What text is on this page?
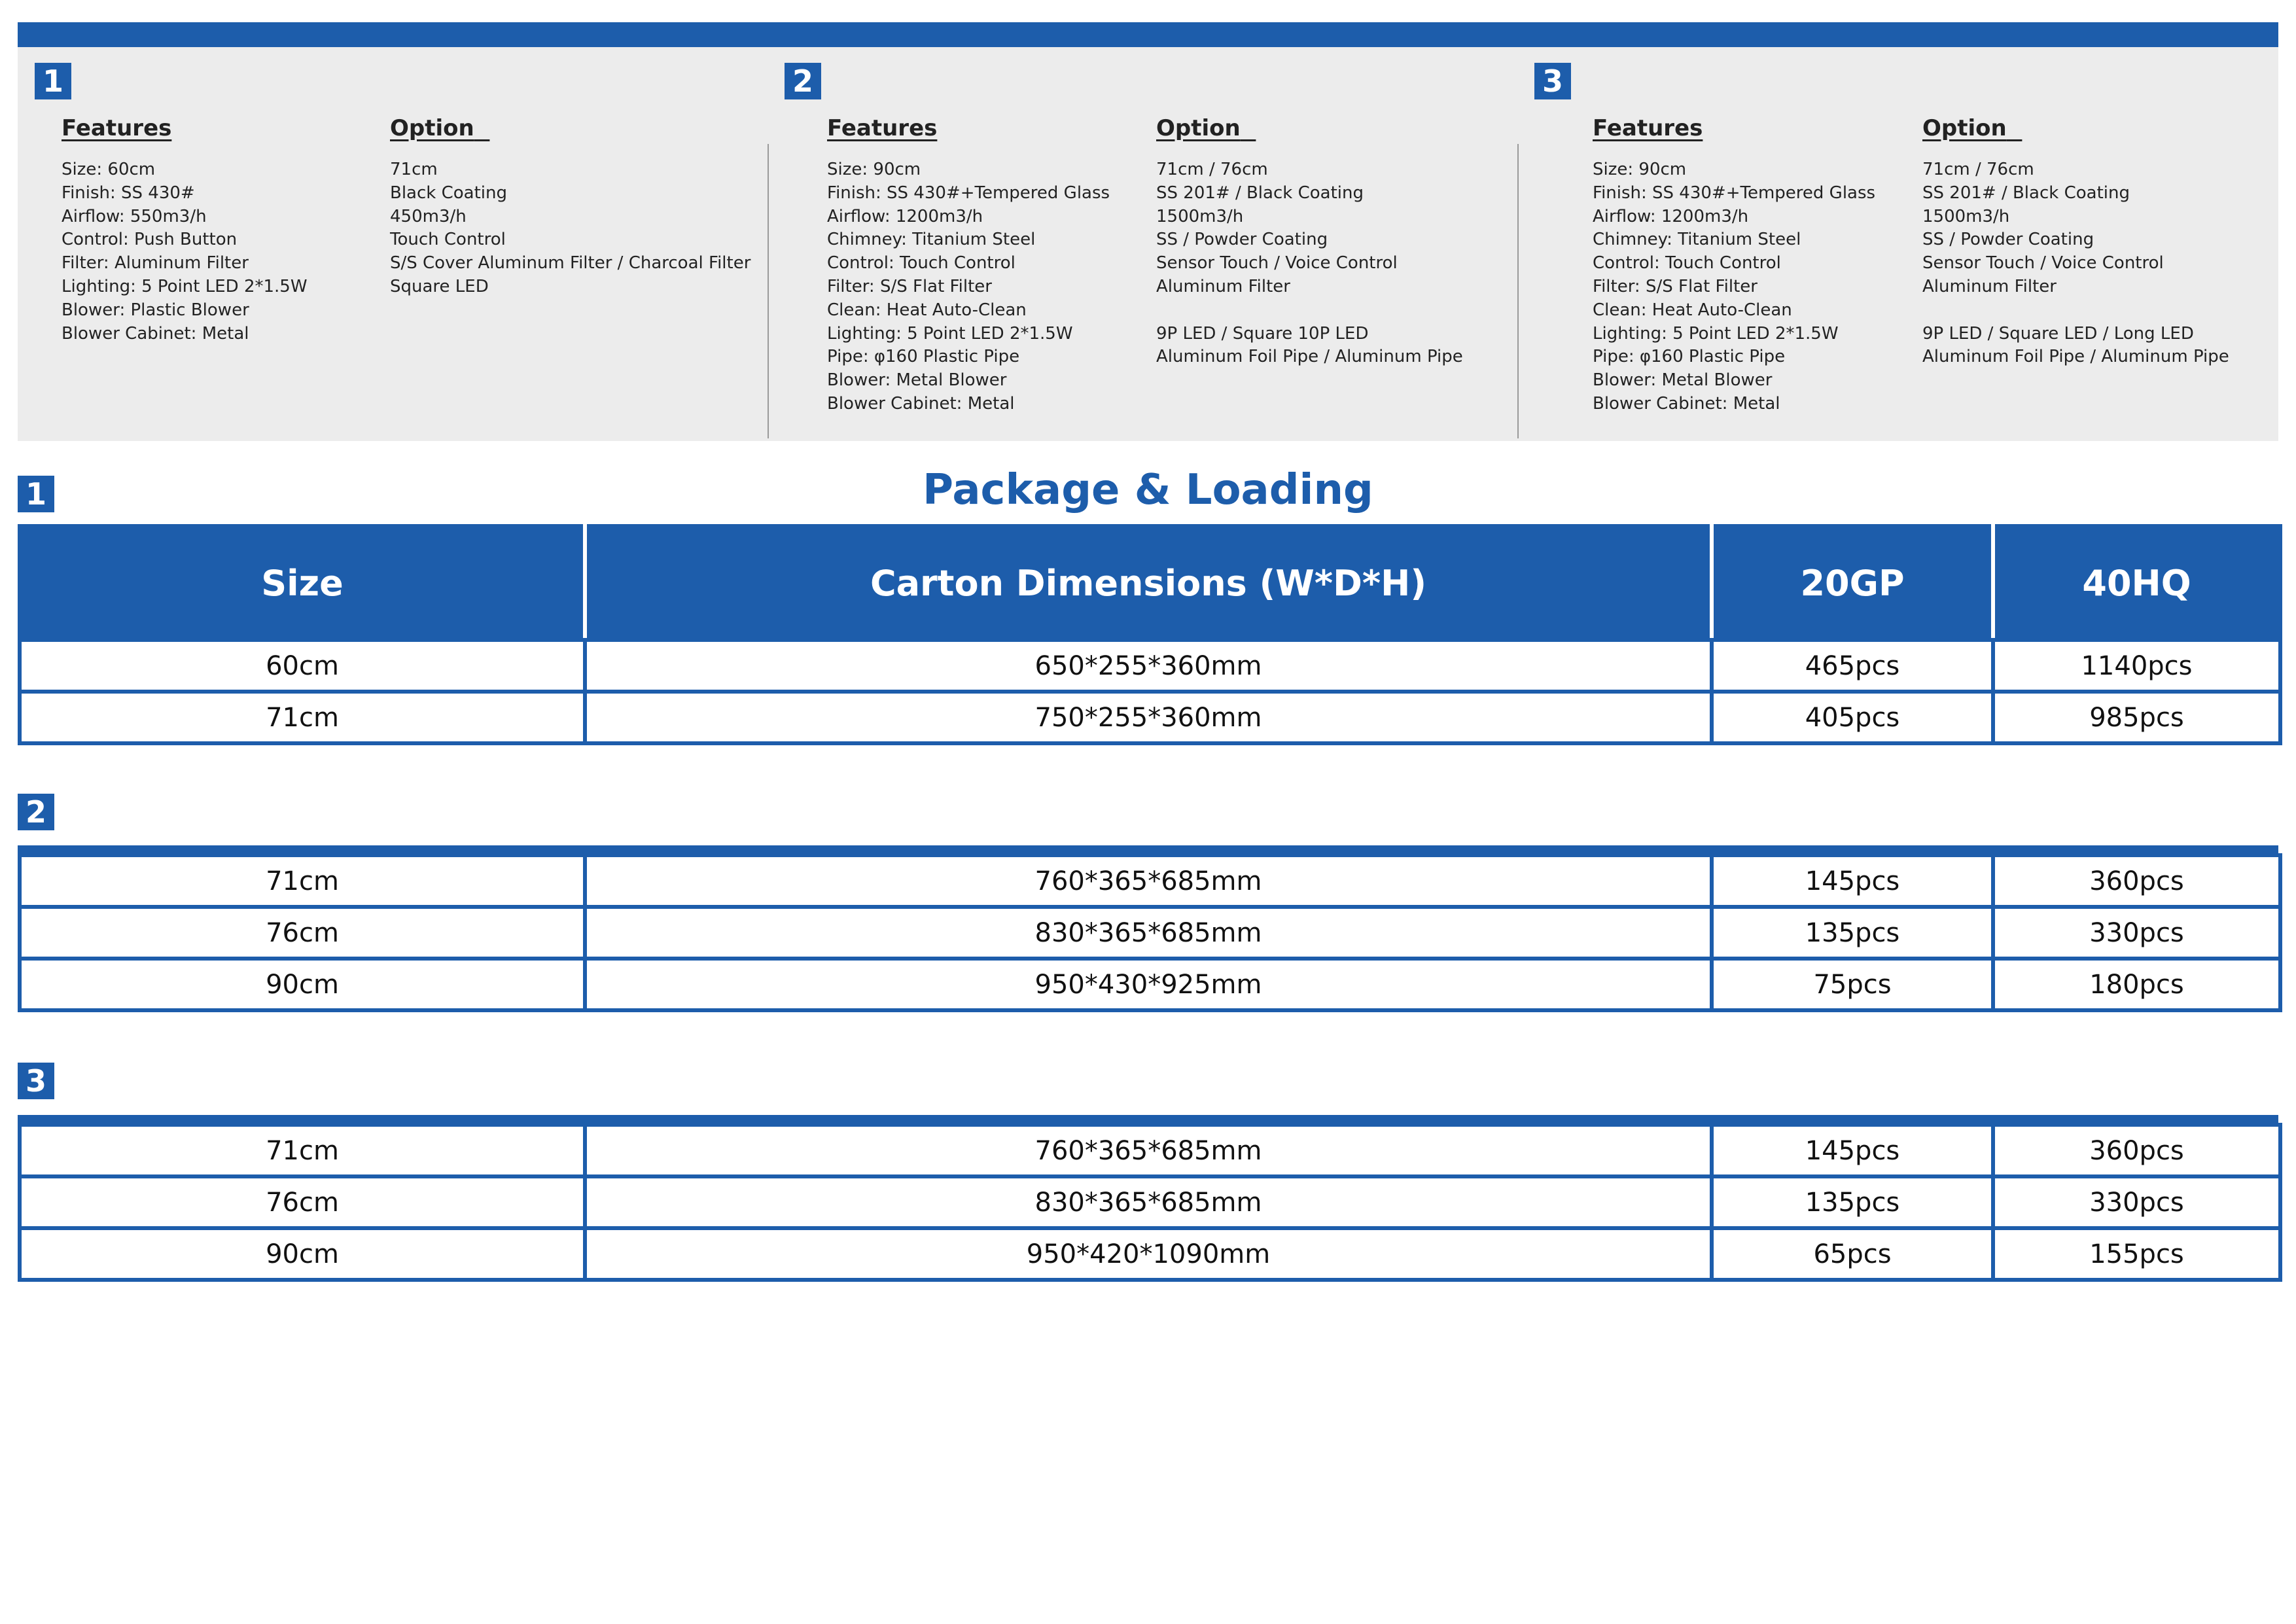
1
Features
Size: 60cm
Finish: SS 430#
Airflow: 550m3/h
Control: Push Button
Filter: Aluminum Filter
Lighting: 5 Point LED 2*1.5W
Blower: Plastic Blower
Blower Cabinet: Metal
Option
71cm
Black Coating
450m3/h
Touch Control
S/S Cover Aluminum Filter / Charcoal Filter
Square LED
2
Features
Size: 90cm
Finish: SS 430#+Tempered Glass
Airflow: 1200m3/h
Chimney: Titanium Steel
Control: Touch Control
Filter: S/S Flat Filter
Clean: Heat Auto-Clean
Lighting: 5 Point LED 2*1.5W
Pipe: φ160 Plastic Pipe
Blower: Metal Blower
Blower Cabinet: Metal
Option
71cm / 76cm
SS 201# / Black Coating
1500m3/h
SS / Powder Coating
Sensor Touch / Voice Control
Aluminum Filter
9P LED / Square 10P LED
Aluminum Foil Pipe / Aluminum Pipe
3
Features
Size: 90cm
Finish: SS 430#+Tempered Glass
Airflow: 1200m3/h
Chimney: Titanium Steel
Control: Touch Control
Filter: S/S Flat Filter
Clean: Heat Auto-Clean
Lighting: 5 Point LED 2*1.5W
Pipe: φ160 Plastic Pipe
Blower: Metal Blower
Blower Cabinet: Metal
Option
71cm / 76cm
SS 201# / Black Coating
1500m3/h
SS / Powder Coating
Sensor Touch / Voice Control
Aluminum Filter
9P LED / Square LED / Long LED
Aluminum Foil Pipe / Aluminum Pipe
Package & Loading
1
Size	Carton Dimensions (W*D*H)	20GP	40HQ
60cm	650*255*360mm	465pcs	1140pcs
71cm	750*255*360mm	405pcs	985pcs
2
71cm	760*365*685mm	145pcs	360pcs
76cm	830*365*685mm	135pcs	330pcs
90cm	950*430*925mm	75pcs	180pcs
3
71cm	760*365*685mm	145pcs	360pcs
76cm	830*365*685mm	135pcs	330pcs
90cm	950*420*1090mm	65pcs	155pcs
